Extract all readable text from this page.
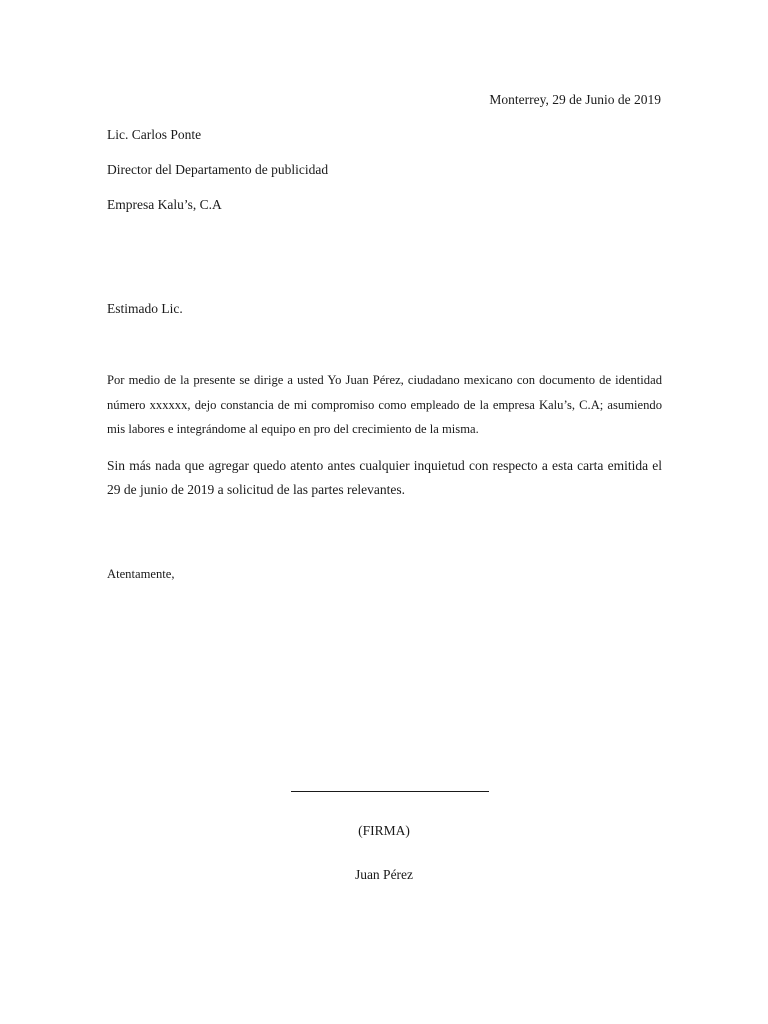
Monterrey, 29 de Junio de 2019
Lic. Carlos Ponte
Director del Departamento de publicidad
Empresa Kalu’s, C.A
Estimado Lic.
Por medio de la presente se dirige a usted Yo Juan Pérez, ciudadano mexicano con documento de identidad número xxxxxx, dejo constancia de mi compromiso como empleado de la empresa Kalu’s, C.A; asumiendo mis labores e integrándome al equipo en pro del crecimiento de la misma.
Sin más nada que agregar quedo atento antes cualquier inquietud con respecto a esta carta emitida el 29 de junio de 2019 a solicitud de las partes relevantes.
Atentamente,
(FIRMA)
Juan Pérez
